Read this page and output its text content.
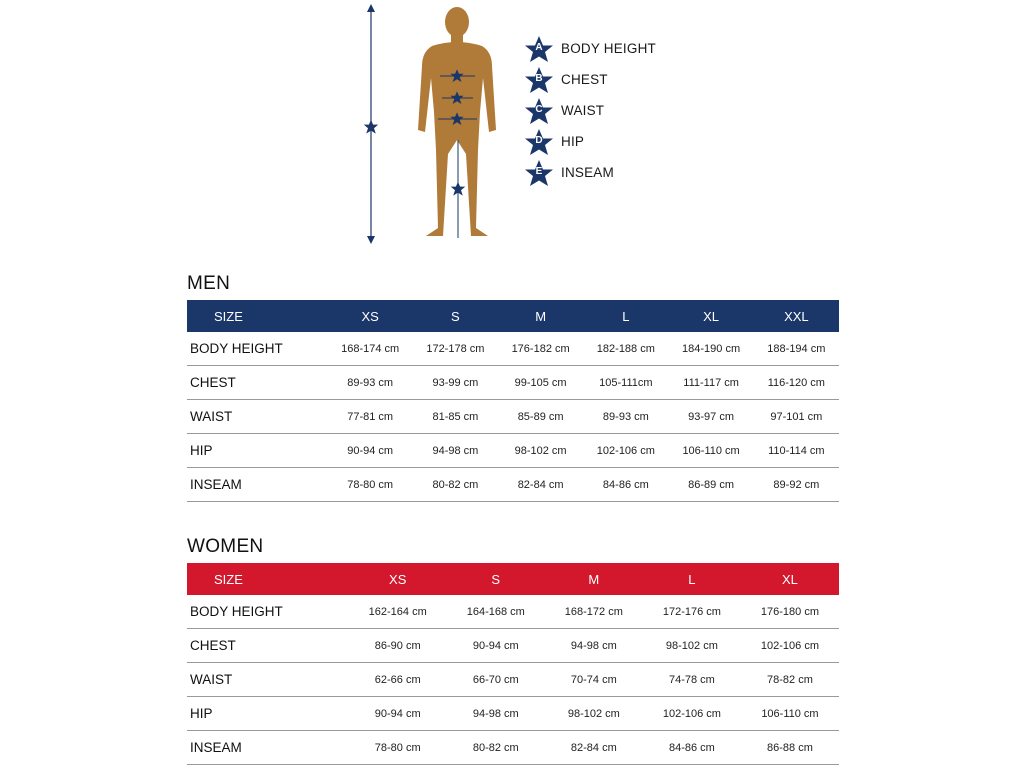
A	BODY HEIGHT
B	CHEST
C	WAIST
D	HIP
E	INSEAM
MEN
SIZE	XS	S	M	L	XL	XXL
BODY HEIGHT	168-174 cm	172-178 cm	176-182 cm	182-188 cm	184-190 cm	188-194 cm
CHEST	89-93 cm	93-99 cm	99-105 cm	105-111cm	111-117 cm	116-120 cm
WAIST	77-81 cm	81-85 cm	85-89 cm	89-93 cm	93-97 cm	97-101 cm
HIP	90-94 cm	94-98 cm	98-102 cm	102-106 cm	106-110 cm	110-114 cm
INSEAM	78-80 cm	80-82 cm	82-84 cm	84-86 cm	86-89 cm	89-92 cm
WOMEN
SIZE	XS	S	M	L	XL	
BODY HEIGHT	162-164 cm	164-168 cm	168-172 cm	172-176 cm	176-180 cm	
CHEST	86-90 cm	90-94 cm	94-98 cm	98-102 cm	102-106 cm	
WAIST	62-66 cm	66-70 cm	70-74 cm	74-78 cm	78-82 cm	
HIP	90-94 cm	94-98 cm	98-102 cm	102-106 cm	106-110 cm	
INSEAM	78-80 cm	80-82 cm	82-84 cm	84-86 cm	86-88 cm	
